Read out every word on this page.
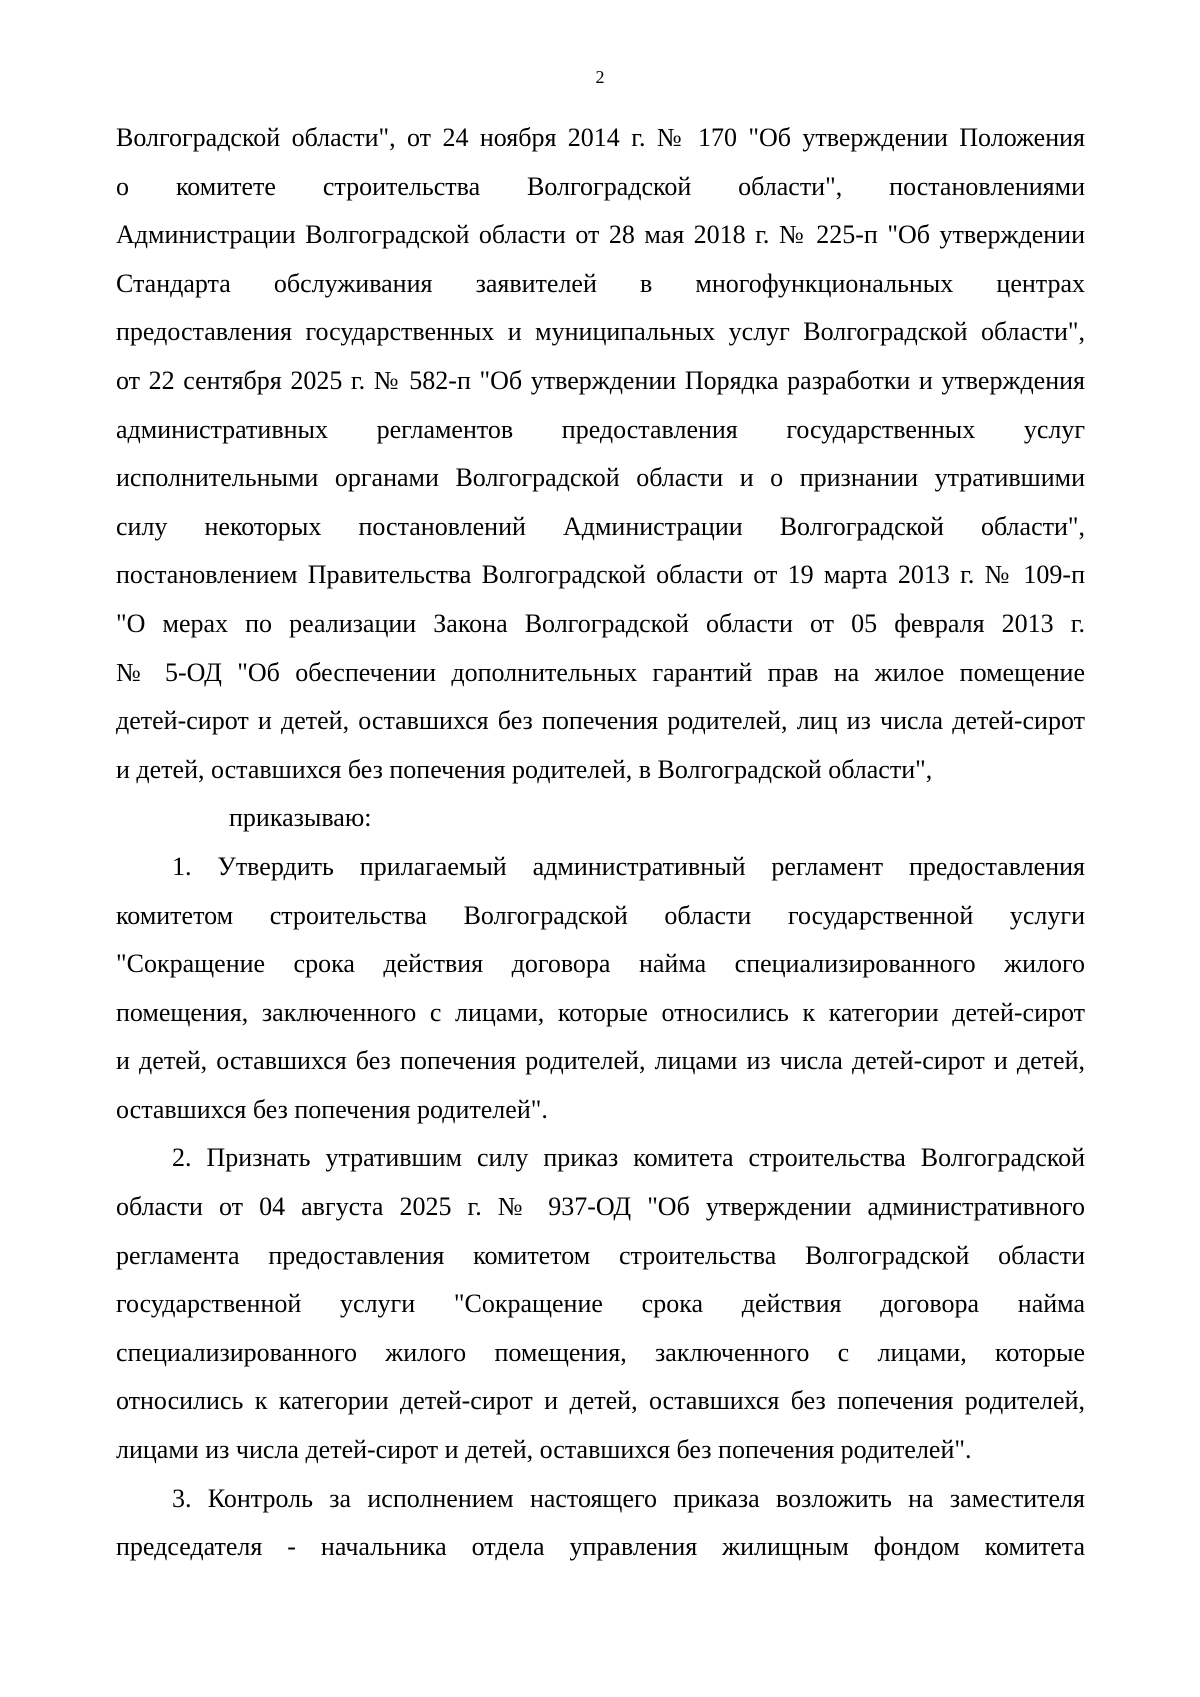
2
Волгоградской области", от 24 ноября 2014 г. № 170 "Об утверждении Положения
о комитете строительства Волгоградской области", постановлениями
Администрации Волгоградской области от 28 мая 2018 г. № 225-п "Об утверждении
Стандарта обслуживания заявителей в многофункциональных центрах
предоставления государственных и муниципальных услуг Волгоградской области",
от 22 сентября 2025 г. № 582-п "Об утверждении Порядка разработки и утверждения
административных регламентов предоставления государственных услуг
исполнительными органами Волгоградской области и о признании утратившими
силу некоторых постановлений Администрации Волгоградской области",
постановлением Правительства Волгоградской области от 19 марта 2013 г. № 109-п
"О мерах по реализации Закона Волгоградской области от 05 февраля 2013 г.
№ 5-ОД "Об обеспечении дополнительных гарантий прав на жилое помещение
детей-сирот и детей, оставшихся без попечения родителей, лиц из числа детей-сирот
и детей, оставшихся без попечения родителей, в Волгоградской области",
приказываю:
1. Утвердить прилагаемый административный регламент предоставления
комитетом строительства Волгоградской области государственной услуги
"Сокращение срока действия договора найма специализированного жилого
помещения, заключенного с лицами, которые относились к категории детей-сирот
и детей, оставшихся без попечения родителей, лицами из числа детей-сирот и детей,
оставшихся без попечения родителей".
2. Признать утратившим силу приказ комитета строительства Волгоградской
области от 04 августа 2025 г. № 937-ОД "Об утверждении административного
регламента предоставления комитетом строительства Волгоградской области
государственной услуги "Сокращение срока действия договора найма
специализированного жилого помещения, заключенного с лицами, которые
относились к категории детей-сирот и детей, оставшихся без попечения родителей,
лицами из числа детей-сирот и детей, оставшихся без попечения родителей".
3. Контроль за исполнением настоящего приказа возложить на заместителя
председателя - начальника отдела управления жилищным фондом комитета
